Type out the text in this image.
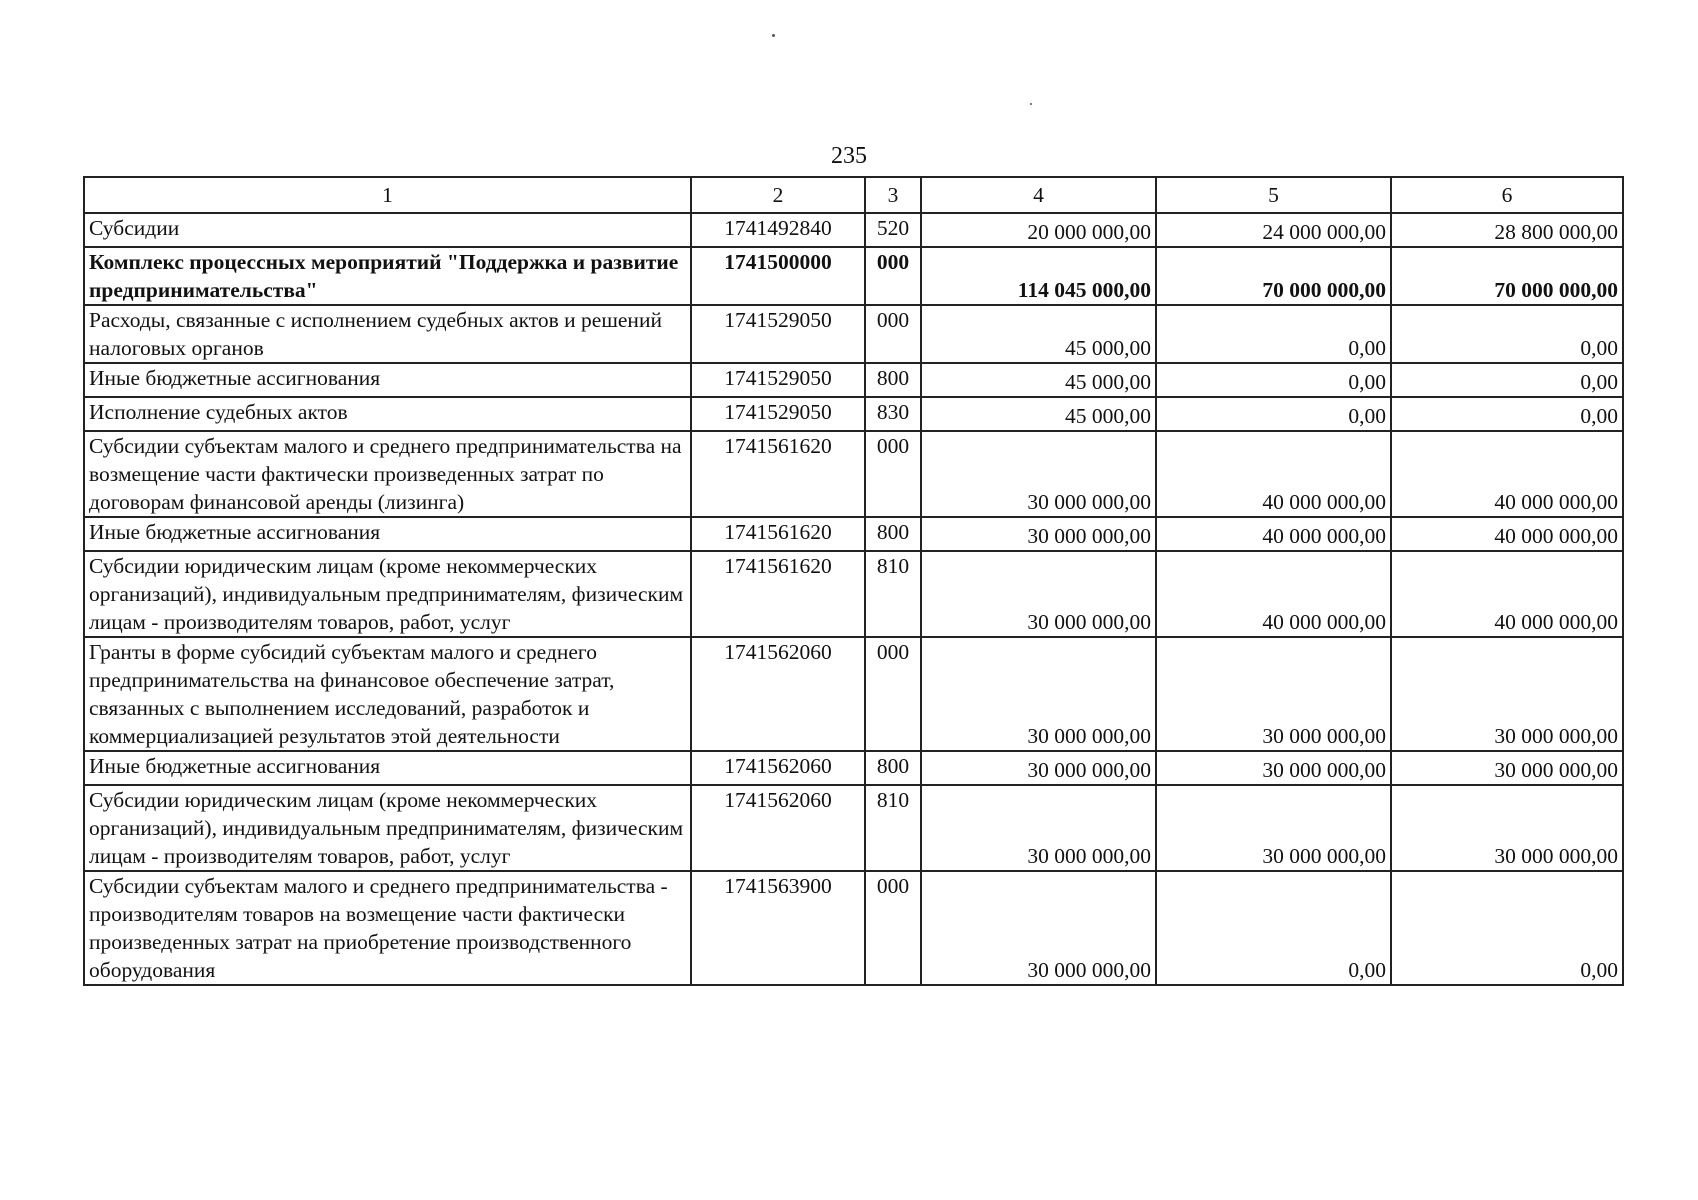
235
1	2	3	4	5	6
Субсидии	1741492840	520	20 000 000,00	24 000 000,00	28 800 000,00
Комплекс процессных мероприятий "Поддержка и развитие предпринимательства"	1741500000	000	114 045 000,00	70 000 000,00	70 000 000,00
Расходы, связанные с исполнением судебных актов и решений налоговых органов	1741529050	000	45 000,00	0,00	0,00
Иные бюджетные ассигнования	1741529050	800	45 000,00	0,00	0,00
Исполнение судебных актов	1741529050	830	45 000,00	0,00	0,00
Субсидии субъектам малого и среднего предпринимательства на возмещение части фактически произведенных затрат по договорам финансовой аренды (лизинга)	1741561620	000	30 000 000,00	40 000 000,00	40 000 000,00
Иные бюджетные ассигнования	1741561620	800	30 000 000,00	40 000 000,00	40 000 000,00
Субсидии юридическим лицам (кроме некоммерческих организаций), индивидуальным предпринимателям, физическим лицам - производителям товаров, работ, услуг	1741561620	810	30 000 000,00	40 000 000,00	40 000 000,00
Гранты в форме субсидий субъектам малого и среднего предпринимательства на финансовое обеспечение затрат, связанных с выполнением исследований, разработок и коммерциализацией результатов этой деятельности	1741562060	000	30 000 000,00	30 000 000,00	30 000 000,00
Иные бюджетные ассигнования	1741562060	800	30 000 000,00	30 000 000,00	30 000 000,00
Субсидии юридическим лицам (кроме некоммерческих организаций), индивидуальным предпринимателям, физическим лицам - производителям товаров, работ, услуг	1741562060	810	30 000 000,00	30 000 000,00	30 000 000,00
Субсидии субъектам малого и среднего предпринимательства - производителям товаров на возмещение части фактически произведенных затрат на приобретение производственного оборудования	1741563900	000	30 000 000,00	0,00	0,00
